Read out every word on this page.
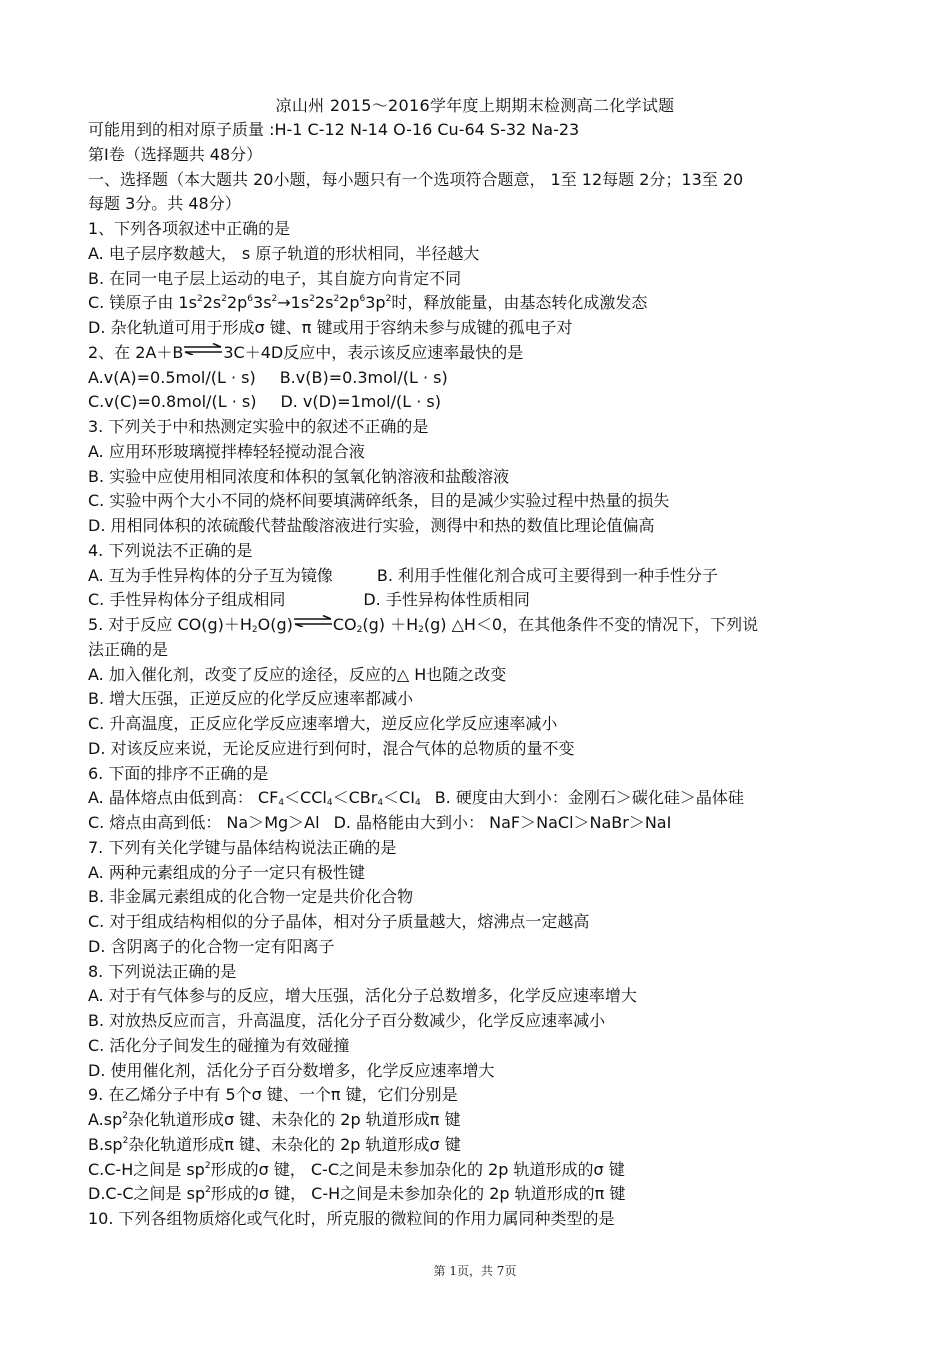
凉山州 2015～2016学年度上期期末检测高二化学试题
可能用到的相对原子质量 :H-1 C-12 N-14 O-16 Cu-64 S-32 Na-23
第Ⅰ卷（选择题共 48分）
一、选择题（本大题共 20小题，每小题只有一个选项符合题意， 1至 12每题 2分；13至 20
每题 3分。共 48分）
1、下列各项叙述中正确的是
A. 电子层序数越大， s 原子轨道的形状相同，半径越大
B. 在同一电子层上运动的电子，其自旋方向肯定不同
C. 镁原子由 $1s^22s^22p^63s^2\to 1s^22s^22p^63p^2$时，释放能量，由基态转化成激发态
D. 杂化轨道可用于形成σ 键、π 键或用于容纳未参与成键的孤电子对
2、在 2A＋B⇌3C＋4D反应中，表示该反应速率最快的是
A.v(A)=0.5mol/(L · s) B.v(B)=0.3mol/(L · s)
C.v(C)=0.8mol/(L · s) D. v(D)=1mol/(L · s)
3. 下列关于中和热测定实验中的叙述不正确的是
A. 应用环形玻璃搅拌棒轻轻搅动混合液
B. 实验中应使用相同浓度和体积的氢氧化钠溶液和盐酸溶液
C. 实验中两个大小不同的烧杯间要填满碎纸条，目的是减少实验过程中热量的损失
D. 用相同体积的浓硫酸代替盐酸溶液进行实验，测得中和热的数值比理论值偏高
4. 下列说法不正确的是
A. 互为手性异构体的分子互为镜像	B. 利用手性催化剂合成可主要得到一种手性分子
C. 手性异构体分子组成相同	D. 手性异构体性质相同
5. 对于反应 $CO(g)+H_2O(g)\rightleftharpoons CO_2(g) +H_2(g)$ △H＜0，在其他条件不变的情况下，下列说
法正确的是
A. 加入催化剂，改变了反应的途径，反应的△ H也随之改变
B. 增大压强，正逆反应的化学反应速率都减小
C. 升高温度，正反应化学反应速率增大，逆反应化学反应速率减小
D. 对该反应来说，无论反应进行到何时，混合气体的总物质的量不变
6. 下面的排序不正确的是
A. 晶体熔点由低到高： $CF_4<CCl_4<CBr_4<CI_4$ B. 硬度由大到小：金刚石＞碳化硅＞晶体硅
C. 熔点由高到低： Na＞Mg＞Al D. 晶格能由大到小： NaF＞NaCl＞NaBr＞NaI
7. 下列有关化学键与晶体结构说法正确的是
A. 两种元素组成的分子一定只有极性键
B. 非金属元素组成的化合物一定是共价化合物
C. 对于组成结构相似的分子晶体，相对分子质量越大，熔沸点一定越高
D. 含阴离子的化合物一定有阳离子
8. 下列说法正确的是
A. 对于有气体参与的反应，增大压强，活化分子总数增多，化学反应速率增大
B. 对放热反应而言，升高温度，活化分子百分数减少，化学反应速率减小
C. 活化分子间发生的碰撞为有效碰撞
D. 使用催化剂，活化分子百分数增多，化学反应速率增大
9. 在乙烯分子中有 5个σ 键、一个π 键，它们分别是
$A.sp^2$杂化轨道形成σ 键、未杂化的 2p 轨道形成π 键
$B.sp^2$杂化轨道形成π 键、未杂化的 2p 轨道形成σ 键
C.C-H之间是 $sp^2$形成的σ 键， C-C之间是未参加杂化的 2p 轨道形成的σ 键
D.C-C之间是 $sp^2$形成的σ 键， C-H之间是未参加杂化的 2p 轨道形成的π 键
10. 下列各组物质熔化或气化时，所克服的微粒间的作用力属同种类型的是
第 1页，共 7页
